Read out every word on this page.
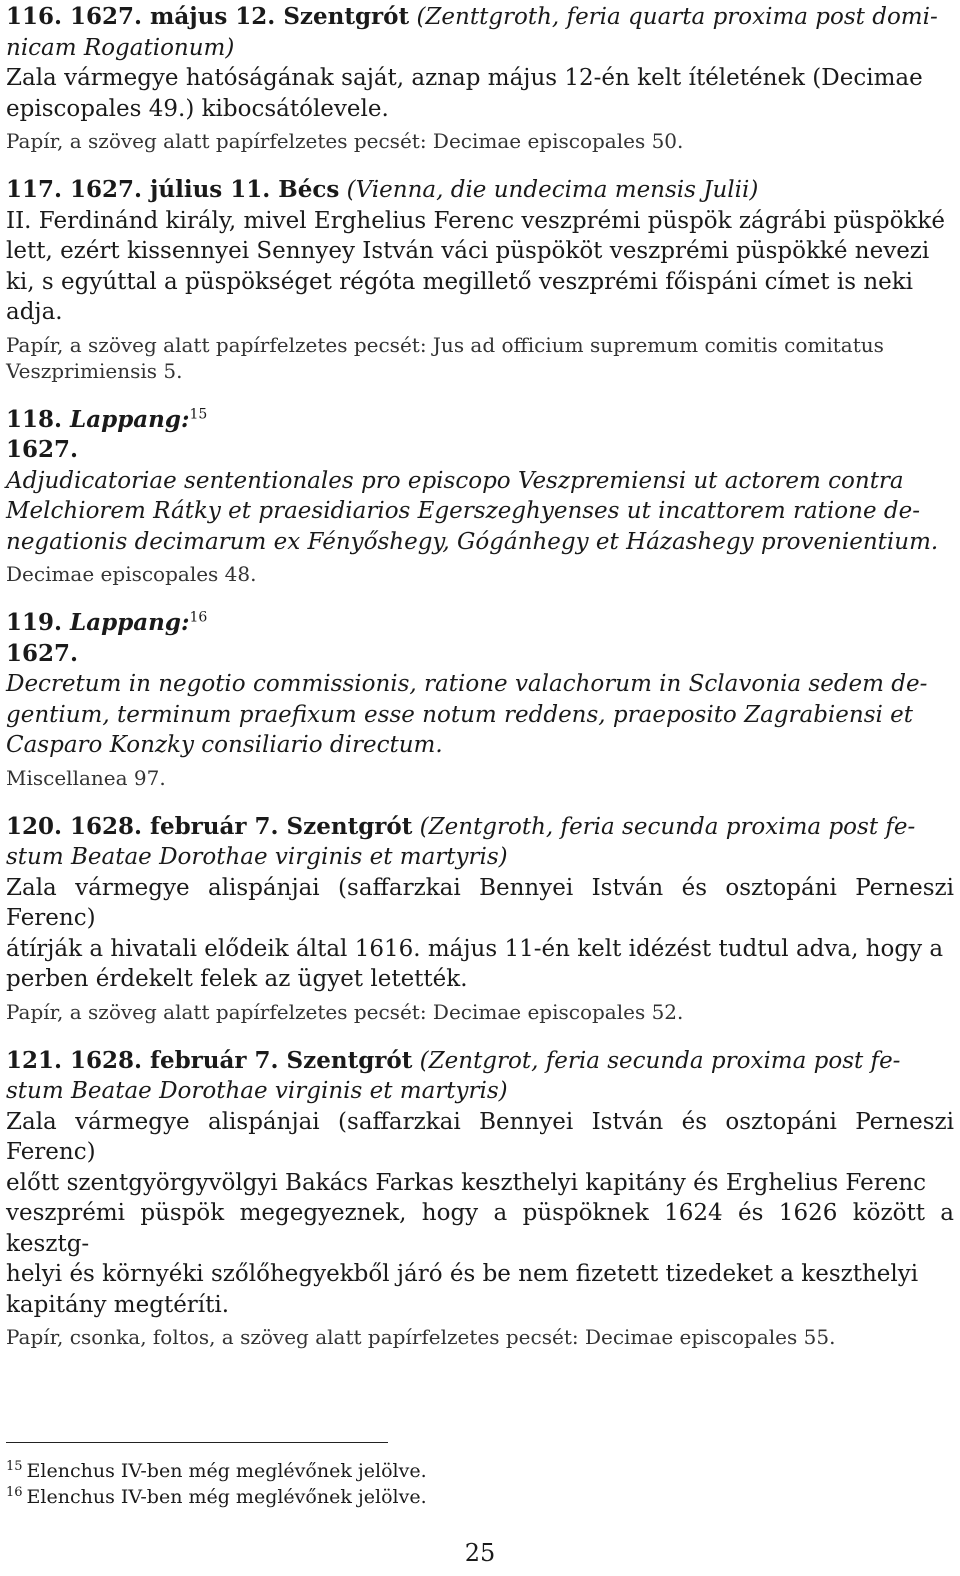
116. 1627. május 12. Szentgrót (Zenttgroth, feria quarta proxima post domi-

nicam Rogationum)

Zala vármegye hatóságának saját, aznap május 12-én kelt ítéletének (Decimae

episcopales 49.) kibocsátólevele.

Papír, a szöveg alatt papírfelzetes pecsét: Decimae episcopales 50.

117. 1627. július 11. Bécs (Vienna, die undecima mensis Julii)

II. Ferdinánd király, mivel Erghelius Ferenc veszprémi püspök zágrábi püspökké

lett, ezért kissennyei Sennyey István váci püspököt veszprémi püspökké nevezi

ki, s egyúttal a püspökséget régóta megillető veszprémi főispáni címet is neki adja.

Papír, a szöveg alatt papírfelzetes pecsét: Jus ad officium supremum comitis comitatus Veszprimiensis 5.

118. Lappang:$^{15}$

1627.

Adjudicatoriae sententionales pro episcopo Veszpremiensi ut actorem contra

Melchiorem Rátky et praesidiarios Egerszeghyenses ut incattorem ratione de-

negationis decimarum ex Fényőshegy, Gógánhegy et Házashegy provenientium.

Decimae episcopales 48.

119. Lappang:$^{16}$

1627.

Decretum in negotio commissionis, ratione valachorum in Sclavonia sedem de-

gentium, terminum praefixum esse notum reddens, praeposito Zagrabiensi et

Casparo Konzky consiliario directum.

Miscellanea 97.

120. 1628. február 7. Szentgrót (Zentgroth, feria secunda proxima post fe-

stum Beatae Dorothae virginis et martyris)

Zala vármegye alispánjai (saffarzkai Bennyei István és osztopáni Perneszi Ferenc)

átírják a hivatali elődeik által 1616. május 11-én kelt idézést tudtul adva, hogy a

perben érdekelt felek az ügyet letették.

Papír, a szöveg alatt papírfelzetes pecsét: Decimae episcopales 52.

121. 1628. február 7. Szentgrót (Zentgrot, feria secunda proxima post fe-

stum Beatae Dorothae virginis et martyris)

Zala vármegye alispánjai (saffarzkai Bennyei István és osztopáni Perneszi Ferenc)

előtt szentgyörgyvölgyi Bakács Farkas keszthelyi kapitány és Erghelius Ferenc

veszprémi püspök megegyeznek, hogy a püspöknek 1624 és 1626 között a kesztg-

helyi és környéki szőlőhegyekből járó és be nem fizetett tizedeket a keszthelyi

kapitány megtéríti.

Papír, csonka, foltos, a szöveg alatt papírfelzetes pecsét: Decimae episcopales 55.

$^{15}$ Elenchus IV-ben még meglévőnek jelölve.
$^{16}$ Elenchus IV-ben még meglévőnek jelölve.
25
